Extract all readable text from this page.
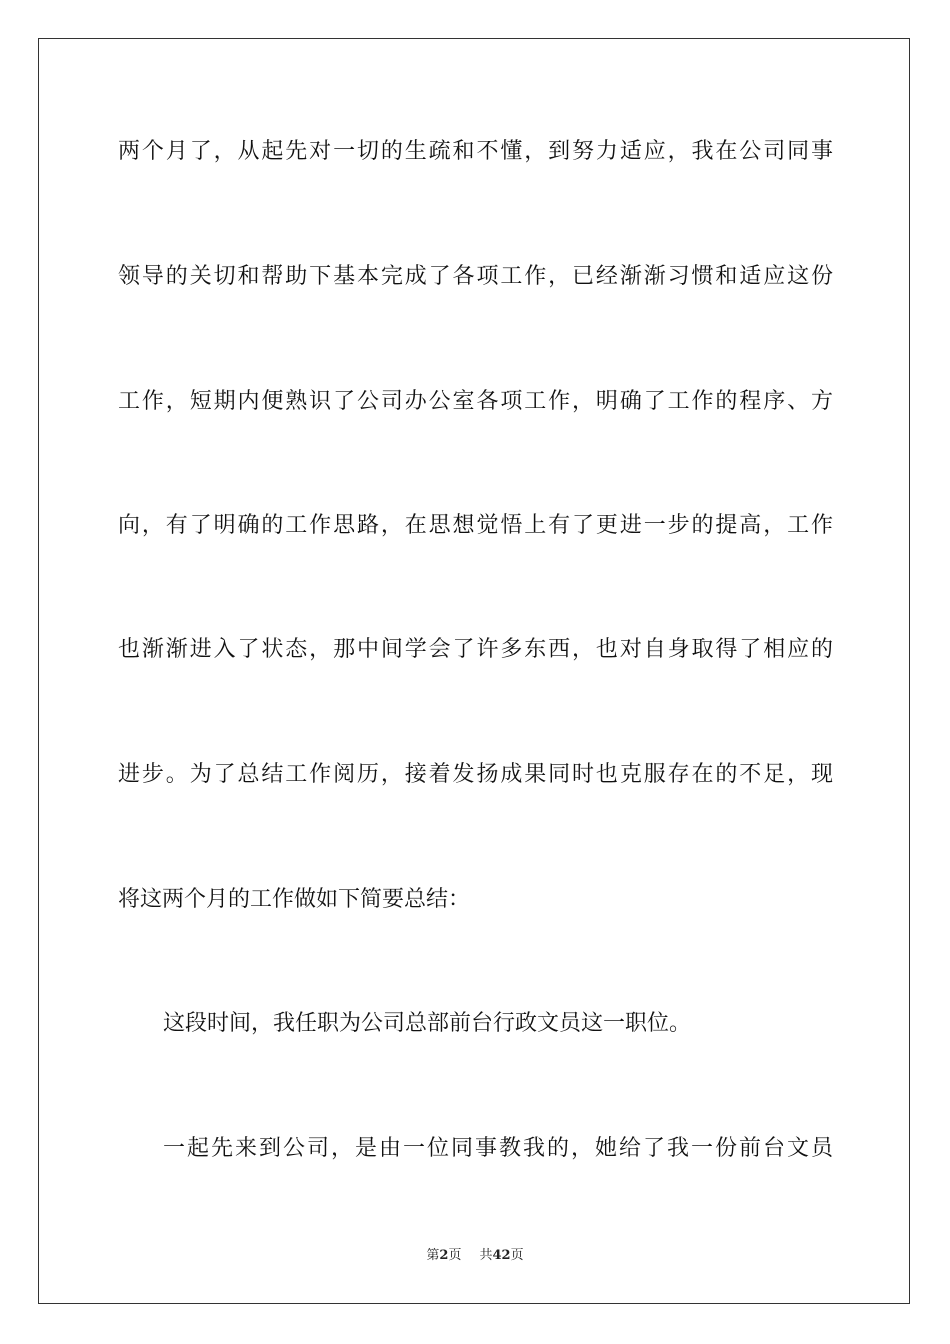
两个月了，从起先对一切的生疏和不懂，到努力适应，我在公司同事
领导的关切和帮助下基本完成了各项工作，已经渐渐习惯和适应这份
工作，短期内便熟识了公司办公室各项工作，明确了工作的程序、方
向，有了明确的工作思路，在思想觉悟上有了更进一步的提高，工作
也渐渐进入了状态，那中间学会了许多东西，也对自身取得了相应的
进步。为了总结工作阅历，接着发扬成果同时也克服存在的不足，现
将这两个月的工作做如下简要总结：
这段时间，我任职为公司总部前台行政文员这一职位。
一起先来到公司，是由一位同事教我的，她给了我一份前台文员
第2页 共42页
